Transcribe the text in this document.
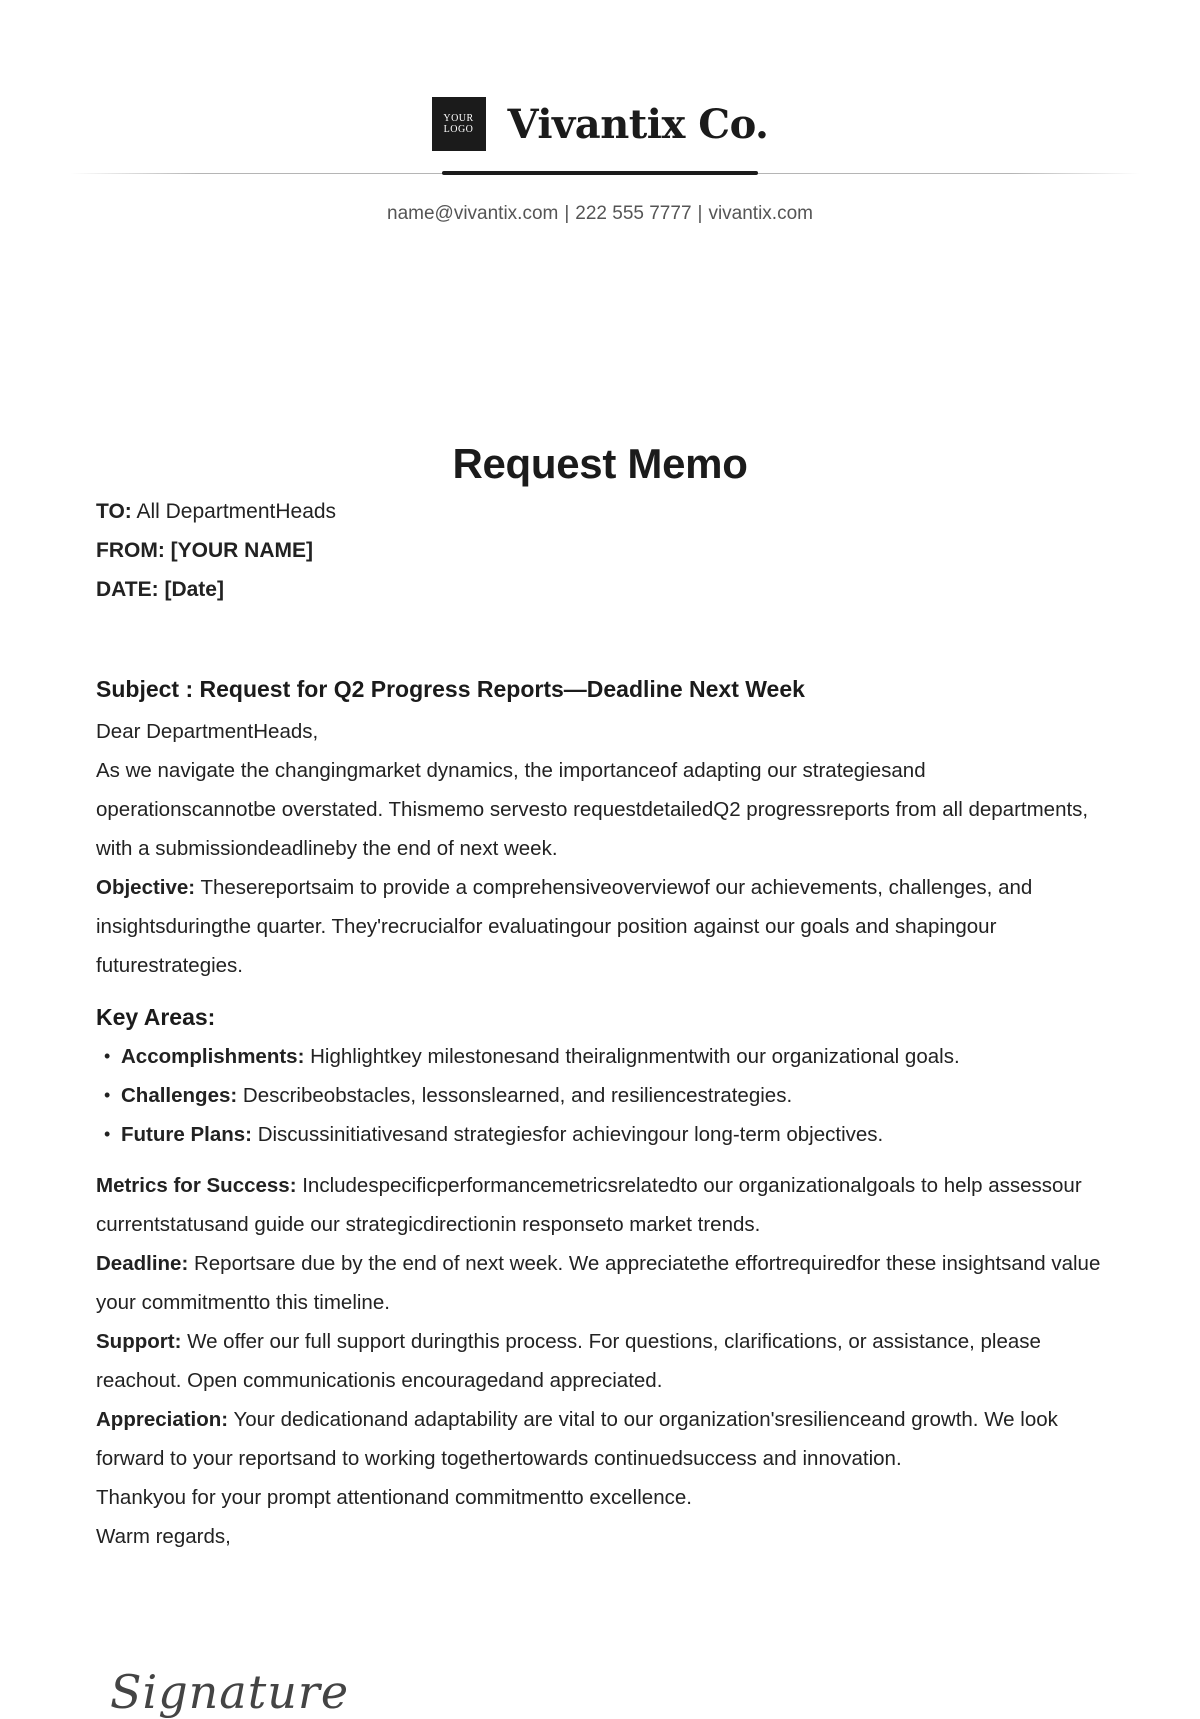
YOUR
LOGO Vivantix Co.
name@vivantix.com | 222 555 7777 | vivantix.com
Request Memo
TO: All DepartmentHeads
FROM: [YOUR NAME]
DATE: [Date]
Subject : Request for Q2 Progress Reports—Deadline Next Week

Dear DepartmentHeads,

As we navigate the changingmarket dynamics, the importanceof adapting our strategiesand operationscannotbe overstated. Thismemo servesto requestdetailedQ2 progressreports from all departments, with a submissiondeadlineby the end of next week.

Objective: Thesereportsaim to provide a comprehensiveoverviewof our achievements, challenges, and insightsduringthe quarter. They'recrucialfor evaluatingour position against our goals and shapingour futurestrategies.

Key Areas:
• Accomplishments: Highlightkey milestonesand theiralignmentwith our organizational goals.
• Challenges: Describeobstacles, lessonslearned, and resiliencestrategies.
• Future Plans: Discussinitiativesand strategiesfor achievingour long-term objectives.

Metrics for Success: Includespecificperformancemetricsrelatedto our organizationalgoals to help assessour currentstatusand guide our strategicdirectionin responseto market trends.

Deadline: Reportsare due by the end of next week. We appreciatethe effortrequiredfor these insightsand value your commitmentto this timeline.

Support: We offer our full support duringthis process. For questions, clarifications, or assistance, please reachout. Open communicationis encouragedand appreciated.

Appreciation: Your dedicationand adaptability are vital to our organization'sresilienceand growth. We look forward to your reportsand to working togethertowards continuedsuccess and innovation.

Thankyou for your prompt attentionand commitmentto excellence.

Warm regards,

Signature
